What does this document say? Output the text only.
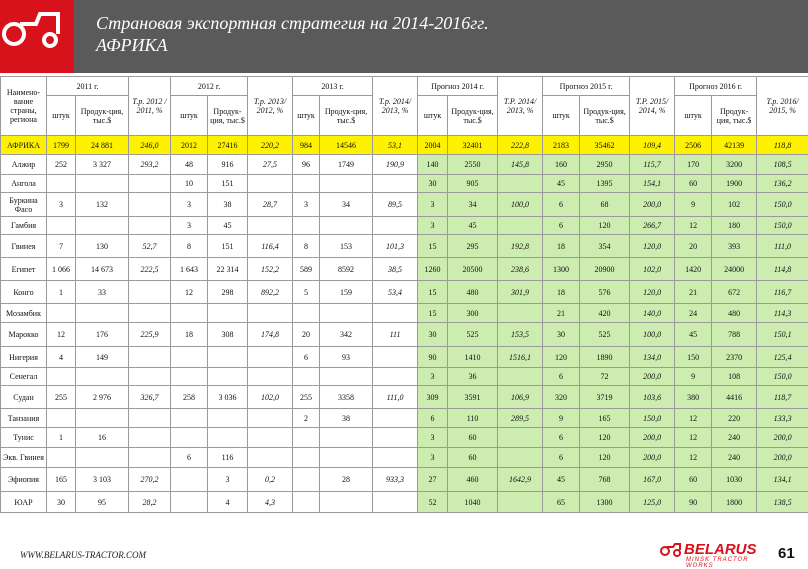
Страновая экспортная стратегия на 2014-2016гг.
АФРИКА
Наимено-вание страны, региона	2011 г.		Т.р. 2012 / 2011, %	2012 г.		Т.р. 2013/ 2012, %	2013 г.		Т.р. 2014/ 2013, %	Прогноз 2014 г.		Т.Р. 2014/ 2013, %	Прогноз 2015 г.		Т.Р. 2015/ 2014, %	Прогноз 2016 г.		Т.р. 2016/ 2015, %
	штук	Продук-ция, тыс.$		штук	Продук-ция, тыс.$		штук	Продук-ция, тыс.$		штук	Продук-ция, тыс.$		штук	Продук-ция, тыс.$		штук	Продук-ция, тыс.$	
АФРИКА	1799	24 881	246,0	2012	27416	220,2	984	14546	53,1	2004	32401	222,8	2183	35462	109,4	2506	42139	118,8
Алжир	252	3 327	293,2	48	916	27,5	96	1749	190,9	140	2550	145,8	160	2950	115,7	170	3200	108,5
Ангола				10	151					30	905		45	1395	154,1	60	1900	136,2
Буркина Фасо	3	132		3	38	28,7	3	34	89,5	3	34	100,0	6	68	200,0	9	102	150,0
Гамбия				3	45					3	45		6	120	266,7	12	180	150,0
Гвинея	7	130	52,7	8	151	116,4	8	153	101,3	15	295	192,8	18	354	120,0	20	393	111,0
Египет	1 066	14 673	222,5	1 643	22 314	152,2	589	8592	38,5	1260	20500	238,6	1300	20900	102,0	1420	24000	114,8
Конго	1	33		12	298	892,2	5	159	53,4	15	480	301,9	18	576	120,0	21	672	116,7
Мозамбик										15	300		21	420	140,0	24	480	114,3
Марокко	12	176	225,9	18	308	174,8	20	342	111	30	525	153,5	30	525	100,0	45	788	150,1
Нигерия	4	149					6	93		90	1410	1516,1	120	1890	134,0	150	2370	125,4
Сенегал										3	36		6	72	200,0	9	108	150,0
Судан	255	2 976	326,7	258	3 036	102,0	255	3358	111,0	309	3591	106,9	320	3719	103,6	380	4416	118,7
Танзания							2	38		6	110	289,5	9	165	150,0	12	220	133,3
Тунис	1	16								3	60		6	120	200,0	12	240	200,0
Экв. Гвинея				6	116					3	60		6	120	200,0	12	240	200,0
Эфиопия	165	3 103	270,2		3	0,2		28	933,3	27	460	1642,9	45	768	167,0	60	1030	134,1
ЮАР	30	95	28,2		4	4,3				52	1040		65	1300	125,0	90	1800	138,5
WWW.BELARUS-TRACTOR.COM	BELARUS
MINSK TRACTOR WORKS
61
